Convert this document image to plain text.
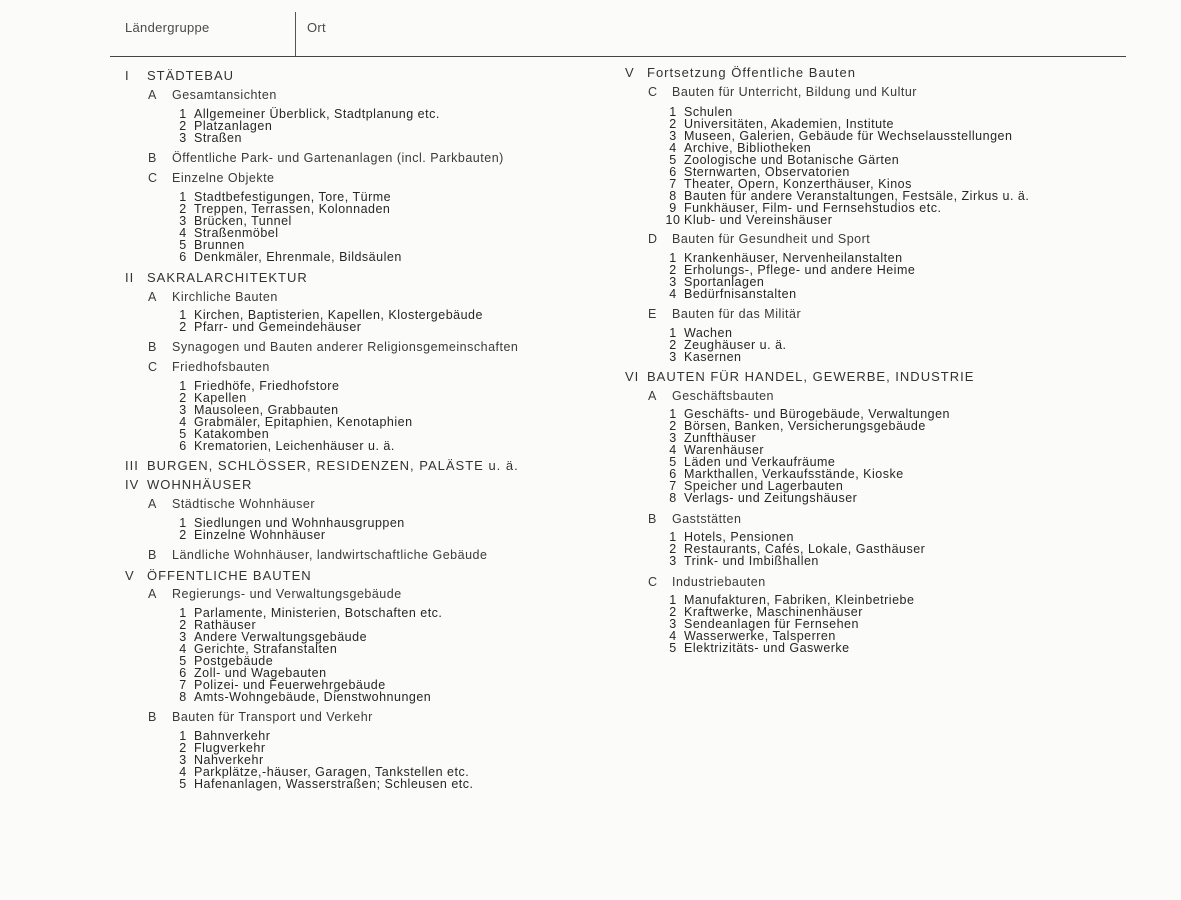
Ländergruppe	Ort
I STÄDTEBAU
A Gesamtansichten
1 Allgemeiner Überblick, Stadtplanung etc.
2 Platzanlagen
3 Straßen
B Öffentliche Park- und Gartenanlagen (incl. Parkbauten)
C Einzelne Objekte
1 Stadtbefestigungen, Tore, Türme
2 Treppen, Terrassen, Kolonnaden
3 Brücken, Tunnel
4 Straßenmöbel
5 Brunnen
6 Denkmäler, Ehrenmale, Bildsäulen
II SAKRALARCHITEKTUR
A Kirchliche Bauten
1 Kirchen, Baptisterien, Kapellen, Klostergebäude
2 Pfarr- und Gemeindehäuser
B Synagogen und Bauten anderer Religionsgemeinschaften
C Friedhofsbauten
1 Friedhöfe, Friedhofstore
2 Kapellen
3 Mausoleen, Grabbauten
4 Grabmäler, Epitaphien, Kenotaphien
5 Katakomben
6 Krematorien, Leichenhäuser u. ä.
III BURGEN, SCHLÖSSER, RESIDENZEN, PALÄSTE u. ä.
IV WOHNHÄUSER
A Städtische Wohnhäuser
1 Siedlungen und Wohnhausgruppen
2 Einzelne Wohnhäuser
B Ländliche Wohnhäuser, landwirtschaftliche Gebäude
V ÖFFENTLICHE BAUTEN
A Regierungs- und Verwaltungsgebäude
1 Parlamente, Ministerien, Botschaften etc.
2 Rathäuser
3 Andere Verwaltungsgebäude
4 Gerichte, Strafanstalten
5 Postgebäude
6 Zoll- und Wagebauten
7 Polizei- und Feuerwehrgebäude
8 Amts-Wohngebäude, Dienstwohnungen
B Bauten für Transport und Verkehr
1 Bahnverkehr
2 Flugverkehr
3 Nahverkehr
4 Parkplätze,-häuser, Garagen, Tankstellen etc.
5 Hafenanlagen, Wasserstraßen; Schleusen etc.
V Fortsetzung Öffentliche Bauten
C Bauten für Unterricht, Bildung und Kultur
1 Schulen
2 Universitäten, Akademien, Institute
3 Museen, Galerien, Gebäude für Wechselausstellungen
4 Archive, Bibliotheken
5 Zoologische und Botanische Gärten
6 Sternwarten, Observatorien
7 Theater, Opern, Konzerthäuser, Kinos
8 Bauten für andere Veranstaltungen, Festsäle, Zirkus u. ä.
9 Funkhäuser, Film- und Fernsehstudios etc.
10 Klub- und Vereinshäuser
D Bauten für Gesundheit und Sport
1 Krankenhäuser, Nervenheilanstalten
2 Erholungs-, Pflege- und andere Heime
3 Sportanlagen
4 Bedürfnisanstalten
E Bauten für das Militär
1 Wachen
2 Zeughäuser u. ä.
3 Kasernen
VI BAUTEN FÜR HANDEL, GEWERBE, INDUSTRIE
A Geschäftsbauten
1 Geschäfts- und Bürogebäude, Verwaltungen
2 Börsen, Banken, Versicherungsgebäude
3 Zunfthäuser
4 Warenhäuser
5 Läden und Verkaufräume
6 Markthallen, Verkaufsstände, Kioske
7 Speicher und Lagerbauten
8 Verlags- und Zeitungshäuser
B Gaststätten
1 Hotels, Pensionen
2 Restaurants, Cafés, Lokale, Gasthäuser
3 Trink- und Imbißhallen
C Industriebauten
1 Manufakturen, Fabriken, Kleinbetriebe
2 Kraftwerke, Maschinenhäuser
3 Sendeanlagen für Fernsehen
4 Wasserwerke, Talsperren
5 Elektrizitäts- und Gaswerke
